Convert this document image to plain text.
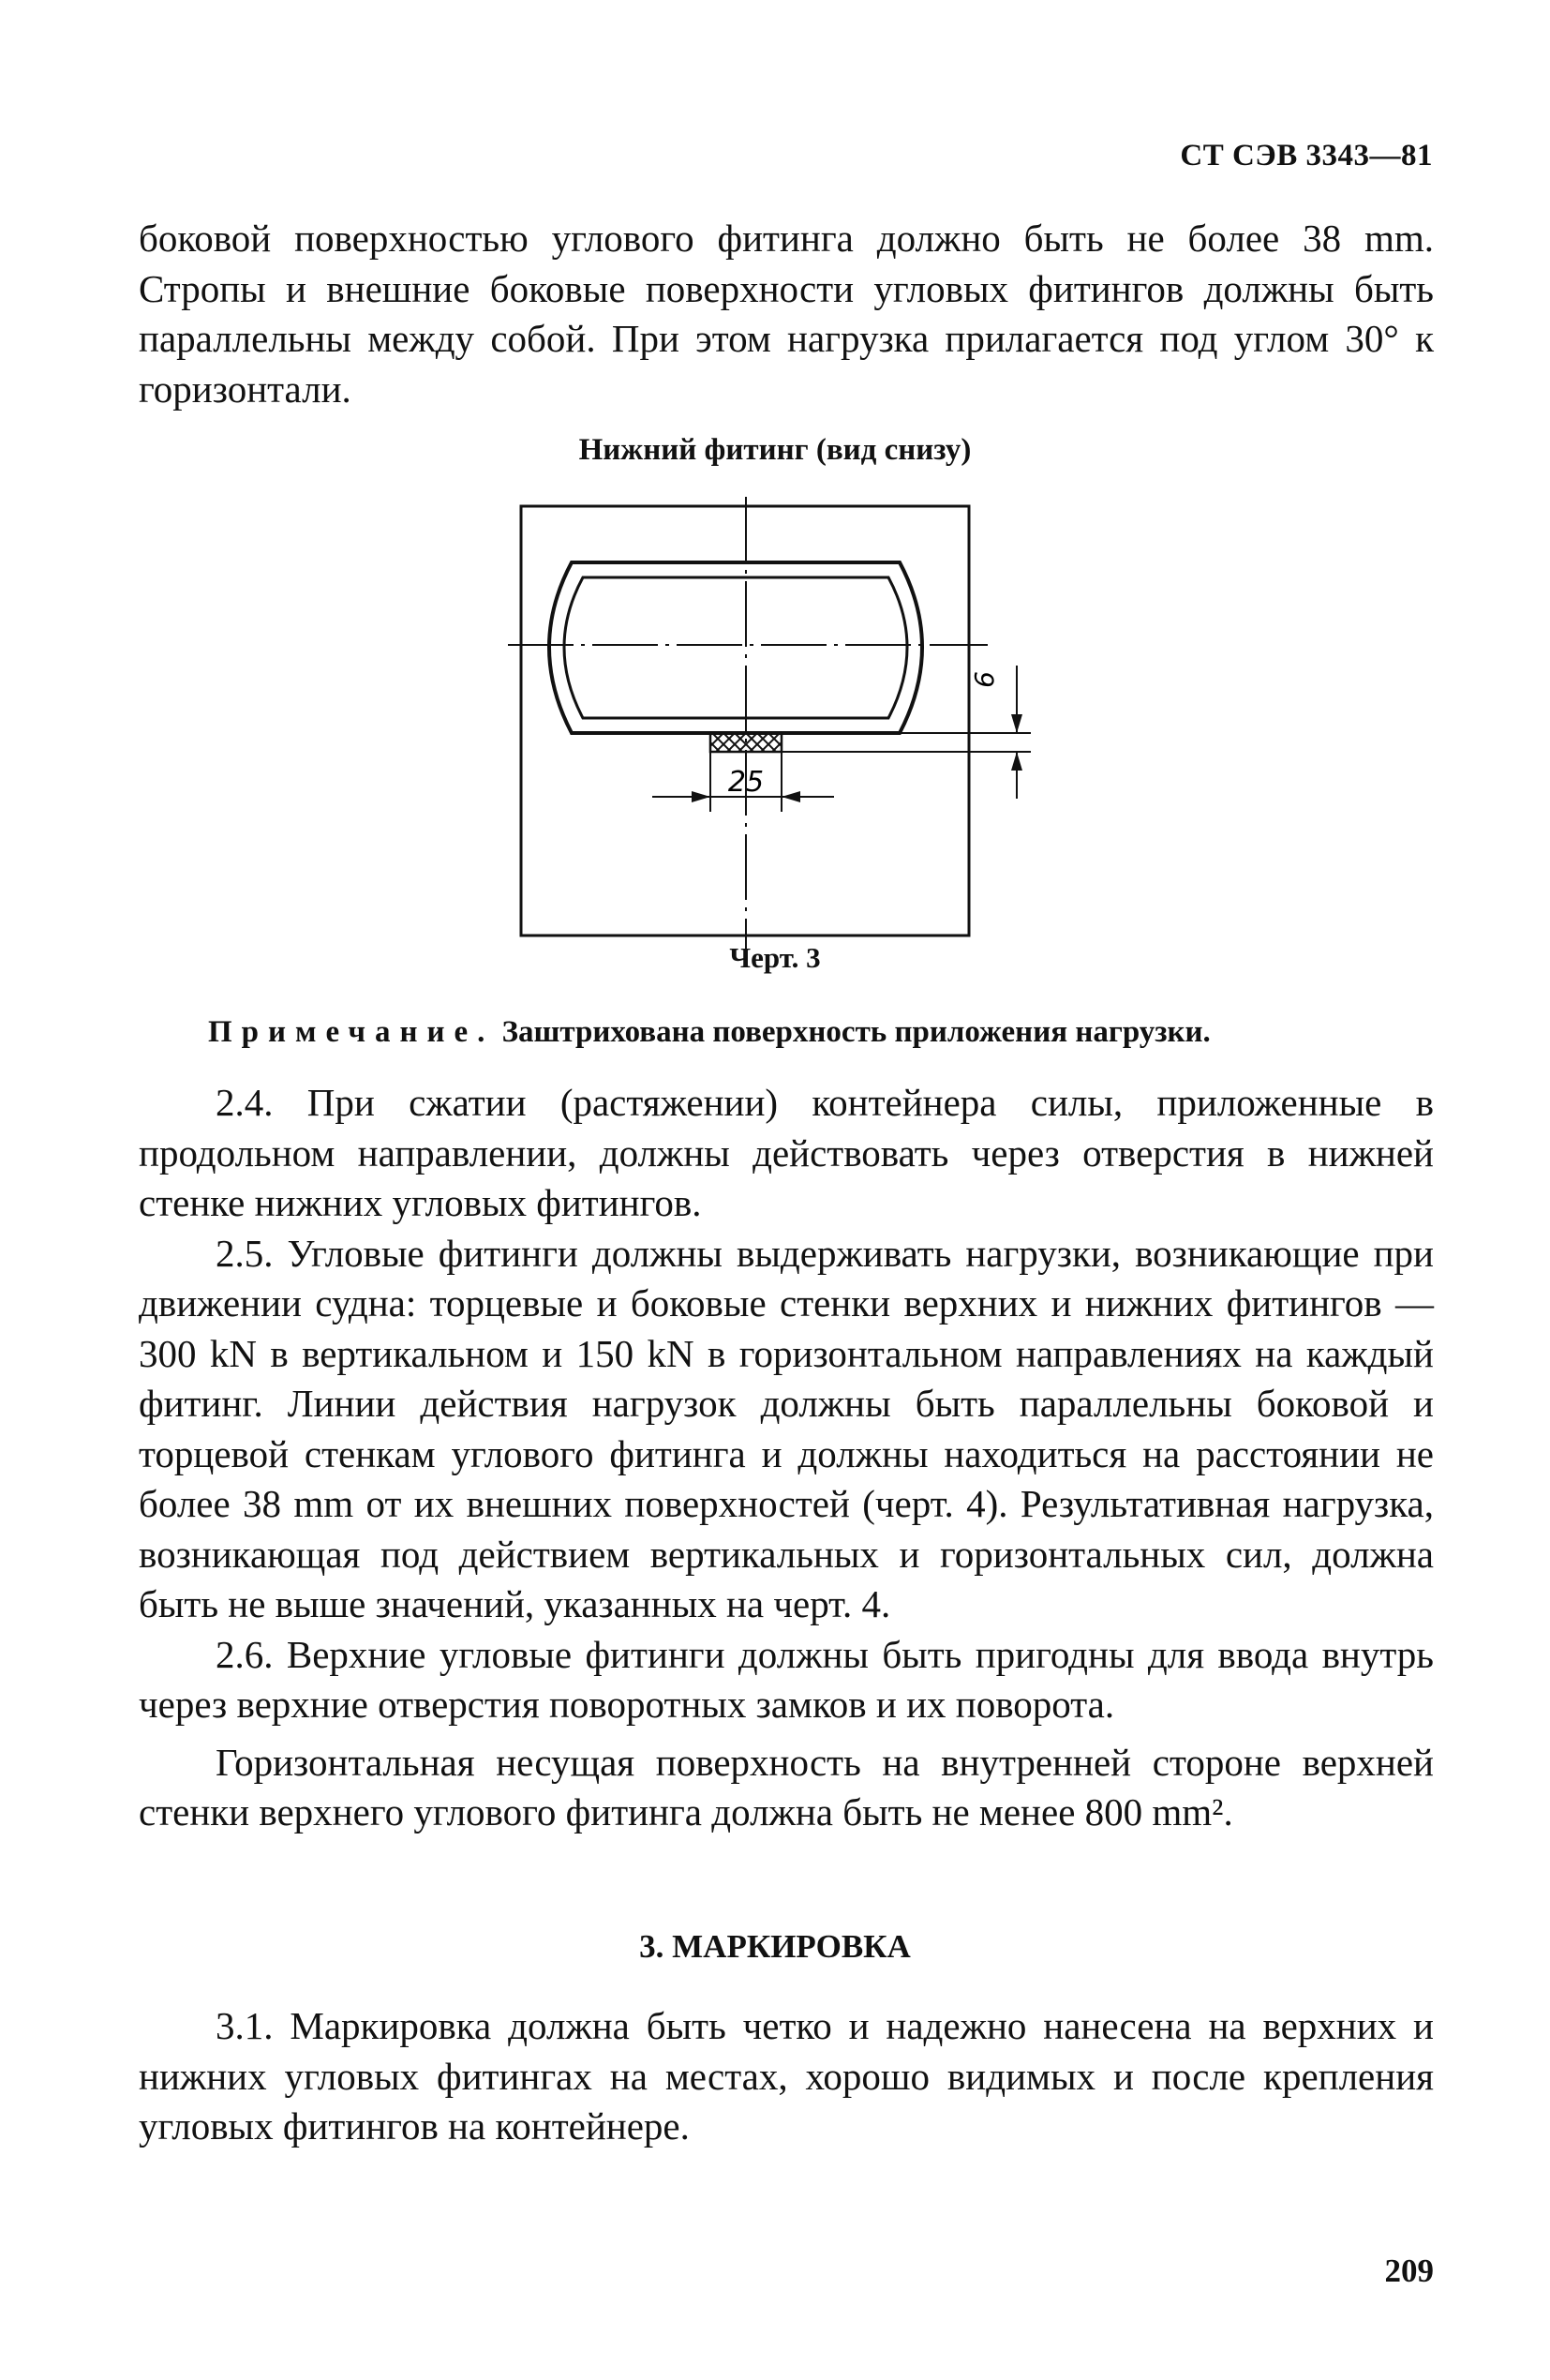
СТ СЭВ 3343—81

боковой поверхностью углового фитинга должно быть не более 38 mm. Стропы и внешние боковые поверхности угловых фитингов должны быть параллельны между собой. При этом нагрузка прилагается под углом 30° к горизонтали.

Нижний фитинг (вид снизу)
25
6
Черт. 3
Примечание. Заштрихована поверхность приложения нагрузки.

2.4. При сжатии (растяжении) контейнера силы, приложенные в продольном направлении, должны действовать через отверстия в нижней стенке нижних угловых фитингов.

2.5. Угловые фитинги должны выдерживать нагрузки, возникающие при движении судна: торцевые и боковые стенки верхних и нижних фитингов — 300 kN в вертикальном и 150 kN в горизонтальном направлениях на каждый фитинг. Линии действия нагрузок должны быть параллельны боковой и торцевой стенкам углового фитинга и должны находиться на расстоянии не более 38 mm от их внешних поверхностей (черт. 4). Результативная нагрузка, возникающая под действием вертикальных и горизонтальных сил, должна быть не выше значений, указанных на черт. 4.

2.6. Верхние угловые фитинги должны быть пригодны для ввода внутрь через верхние отверстия поворотных замков и их поворота.

Горизонтальная несущая поверхность на внутренней стороне верхней стенки верхнего углового фитинга должна быть не менее 800 mm².

3. МАРКИРОВКА

3.1. Маркировка должна быть четко и надежно нанесена на верхних и нижних угловых фитингах на местах, хорошо видимых и после крепления угловых фитингов на контейнере.

209
